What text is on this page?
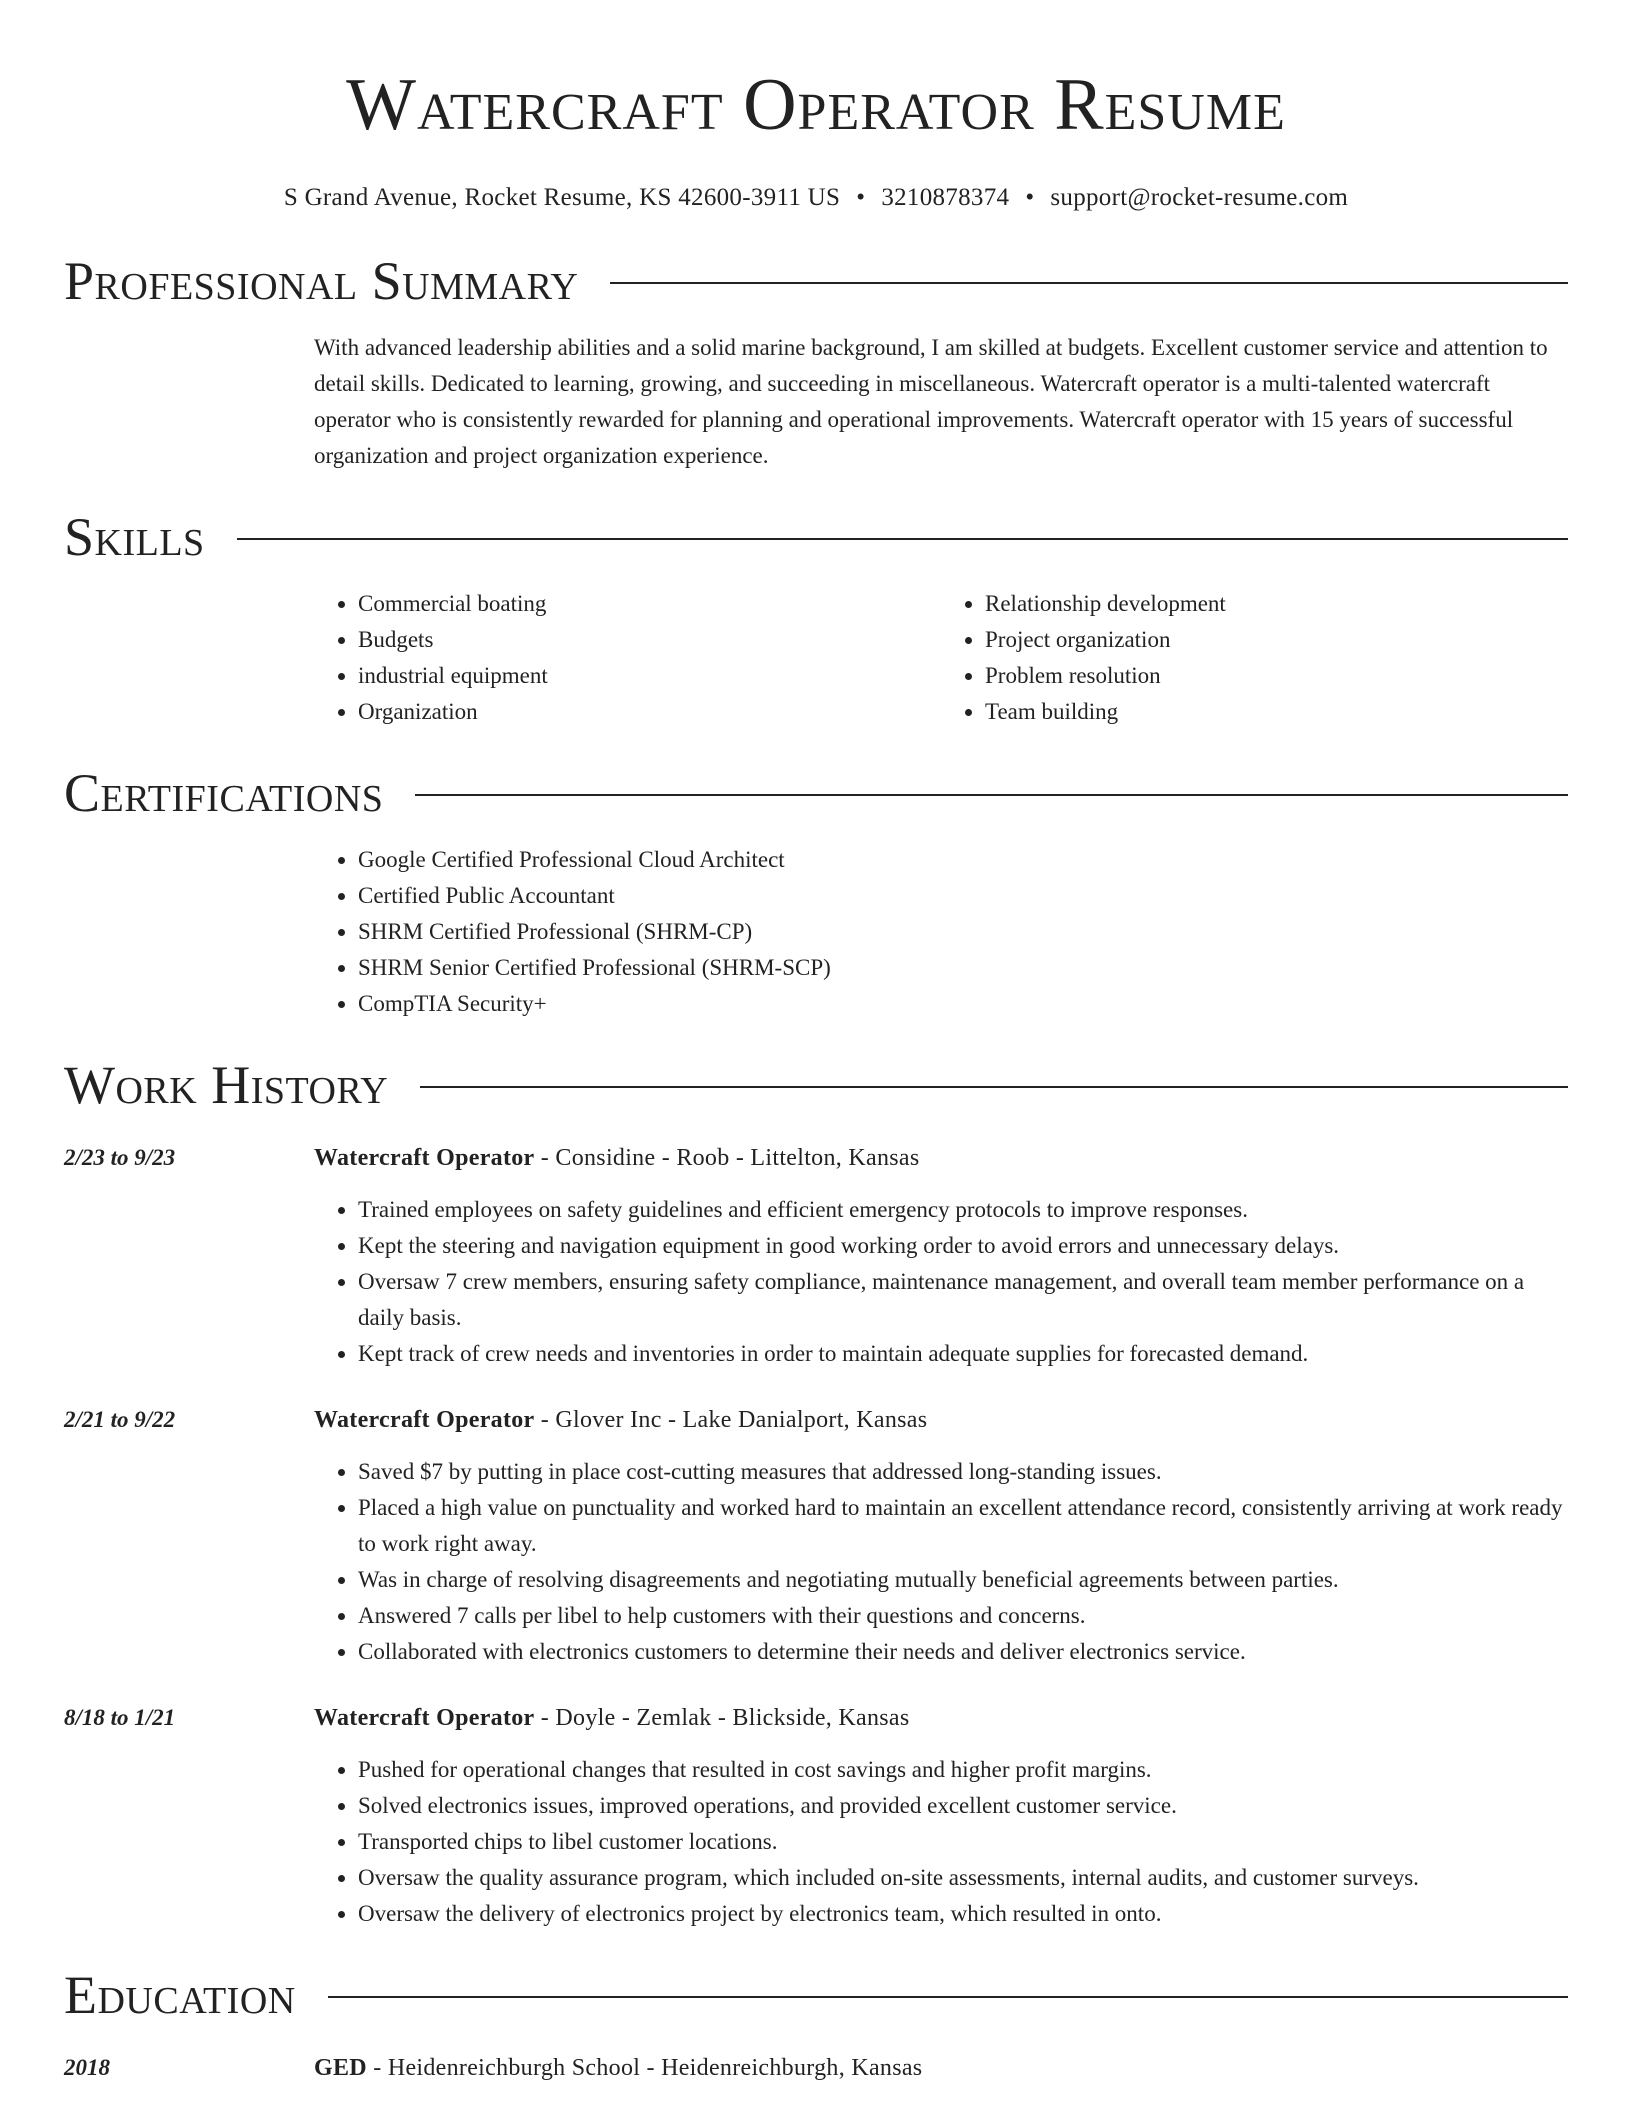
Watercraft Operator Resume
S Grand Avenue, Rocket Resume, KS 42600-3911 US • 3210878374 • support@rocket-resume.com
Professional Summary
With advanced leadership abilities and a solid marine background, I am skilled at budgets. Excellent customer service and attention to detail skills. Dedicated to learning, growing, and succeeding in miscellaneous. Watercraft operator is a multi-talented watercraft operator who is consistently rewarded for planning and operational improvements. Watercraft operator with 15 years of successful organization and project organization experience.
Skills
• Commercial boating
• Budgets
• industrial equipment
• Organization
• Relationship development
• Project organization
• Problem resolution
• Team building
Certifications
• Google Certified Professional Cloud Architect
• Certified Public Accountant
• SHRM Certified Professional (SHRM-CP)
• SHRM Senior Certified Professional (SHRM-SCP)
• CompTIA Security+
Work History
2/23 to 9/23	Watercraft Operator - Considine - Roob - Littelton, Kansas
• Trained employees on safety guidelines and efficient emergency protocols to improve responses.
• Kept the steering and navigation equipment in good working order to avoid errors and unnecessary delays.
• Oversaw 7 crew members, ensuring safety compliance, maintenance management, and overall team member performance on a daily basis.
• Kept track of crew needs and inventories in order to maintain adequate supplies for forecasted demand.
2/21 to 9/22	Watercraft Operator - Glover Inc - Lake Danialport, Kansas
• Saved $7 by putting in place cost-cutting measures that addressed long-standing issues.
• Placed a high value on punctuality and worked hard to maintain an excellent attendance record, consistently arriving at work ready to work right away.
• Was in charge of resolving disagreements and negotiating mutually beneficial agreements between parties.
• Answered 7 calls per libel to help customers with their questions and concerns.
• Collaborated with electronics customers to determine their needs and deliver electronics service.
8/18 to 1/21	Watercraft Operator - Doyle - Zemlak - Blickside, Kansas
• Pushed for operational changes that resulted in cost savings and higher profit margins.
• Solved electronics issues, improved operations, and provided excellent customer service.
• Transported chips to libel customer locations.
• Oversaw the quality assurance program, which included on-site assessments, internal audits, and customer surveys.
• Oversaw the delivery of electronics project by electronics team, which resulted in onto.
Education
2018	GED - Heidenreichburgh School - Heidenreichburgh, Kansas
